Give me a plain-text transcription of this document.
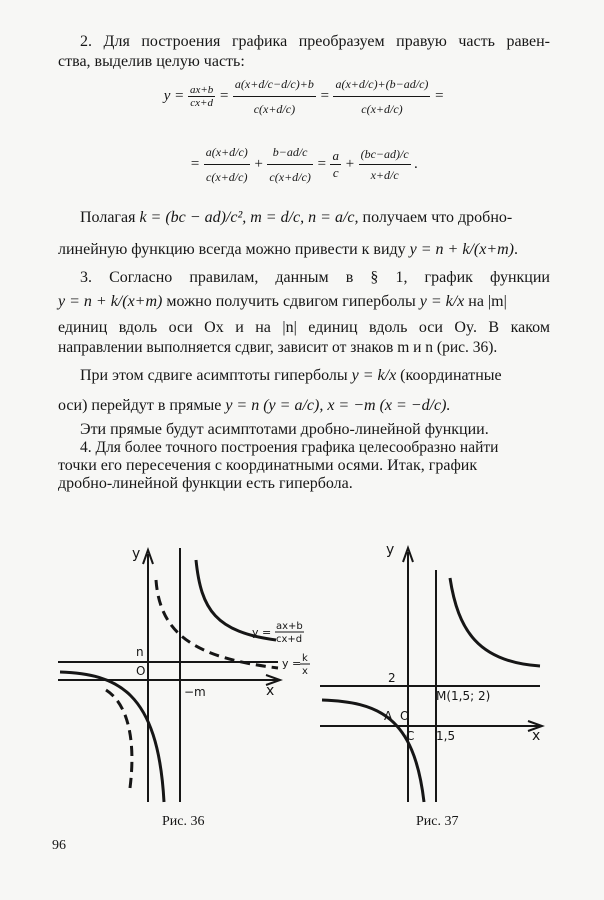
2. Для построения графика преобразуем правую часть равен-
ства, выделив целую часть:
$y = \frac{ax+b}{cx+d} = \frac{a(x+d/c-d/c)+b}{c(x+d/c)} = \frac{a(x+d/c)+(b-ad/c)}{c(x+d/c)}$ =
= $\frac{a(x+d/c)}{c(x+d/c)} + \frac{b-ad/c}{c(x+d/c)} = \frac{a}{c} + \frac{(bc-ad)/c}{x+d/c}$ .
Полагая k = (bc − ad)/c², m = d/c, n = a/c, получаем что дробно-
линейную функцию всегда можно привести к виду y = n + k/(x+m).
3. Согласно правилам, данным в § 1, график функции
y = n + k/(x+m) можно получить сдвигом гиперболы y = k/x на |m|
единиц вдоль оси Ox и на |n| единиц вдоль оси Oy. В каком
направлении выполняется сдвиг, зависит от знаков m и n (рис. 36).
При этом сдвиге асимптоты гиперболы y = k/x (координатные
оси) перейдут в прямые y = n (y = a/c), x = −m (x = −d/c).
Эти прямые будут асимптотами дробно-линейной функции.
4. Для более точного построения графика целесообразно найти
точки его пересечения с координатными осями. Итак, график
дробно-линейной функции есть гипербола.
y
x
n
O
−m
y = ax+b
cx+d
y = k
x
y
x
2
M(1,5; 2)
A O
C 1,5
Рис. 36	Рис. 37
96
